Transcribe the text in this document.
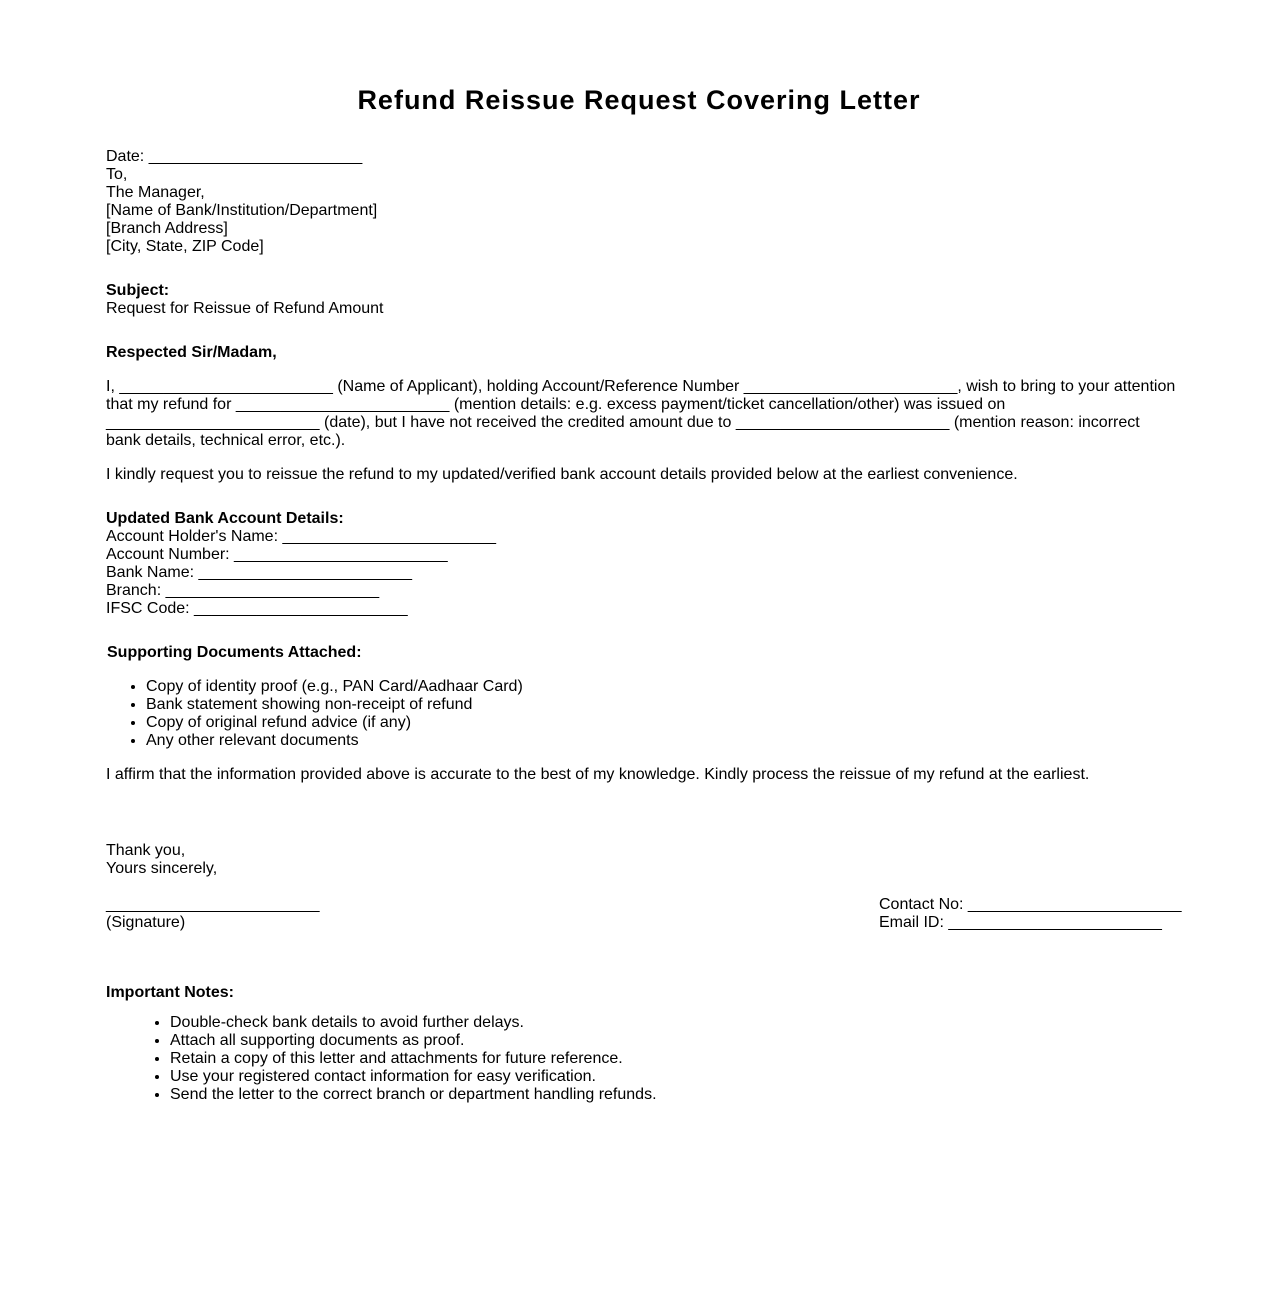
Refund Reissue Request Covering Letter
Date: ________________________
To,
The Manager,
[Name of Bank/Institution/Department]
[Branch Address]
[City, State, ZIP Code]
Subject:
Request for Reissue of Refund Amount
Respected Sir/Madam,

I, ________________________ (Name of Applicant), holding Account/Reference Number ________________________, wish to bring to your attention that my refund for ________________________ (mention details: e.g. excess payment/ticket cancellation/other) was issued on ________________________ (date), but I have not received the credited amount due to ________________________ (mention reason: incorrect bank details, technical error, etc.).

I kindly request you to reissue the refund to my updated/verified bank account details provided below at the earliest convenience.

Updated Bank Account Details:
Account Holder's Name: ________________________
Account Number: ________________________
Bank Name: ________________________
Branch: ________________________
IFSC Code: ________________________
Supporting Documents Attached:
• Copy of identity proof (e.g., PAN Card/Aadhaar Card)
• Bank statement showing non-receipt of refund
• Copy of original refund advice (if any)
• Any other relevant documents

I affirm that the information provided above is accurate to the best of my knowledge. Kindly process the reissue of my refund at the earliest.

Thank you,
Yours sincerely,
________________________
(Signature)
Contact No: ________________________
Email ID: ________________________
Important Notes:
• Double-check bank details to avoid further delays.
• Attach all supporting documents as proof.
• Retain a copy of this letter and attachments for future reference.
• Use your registered contact information for easy verification.
• Send the letter to the correct branch or department handling refunds.
